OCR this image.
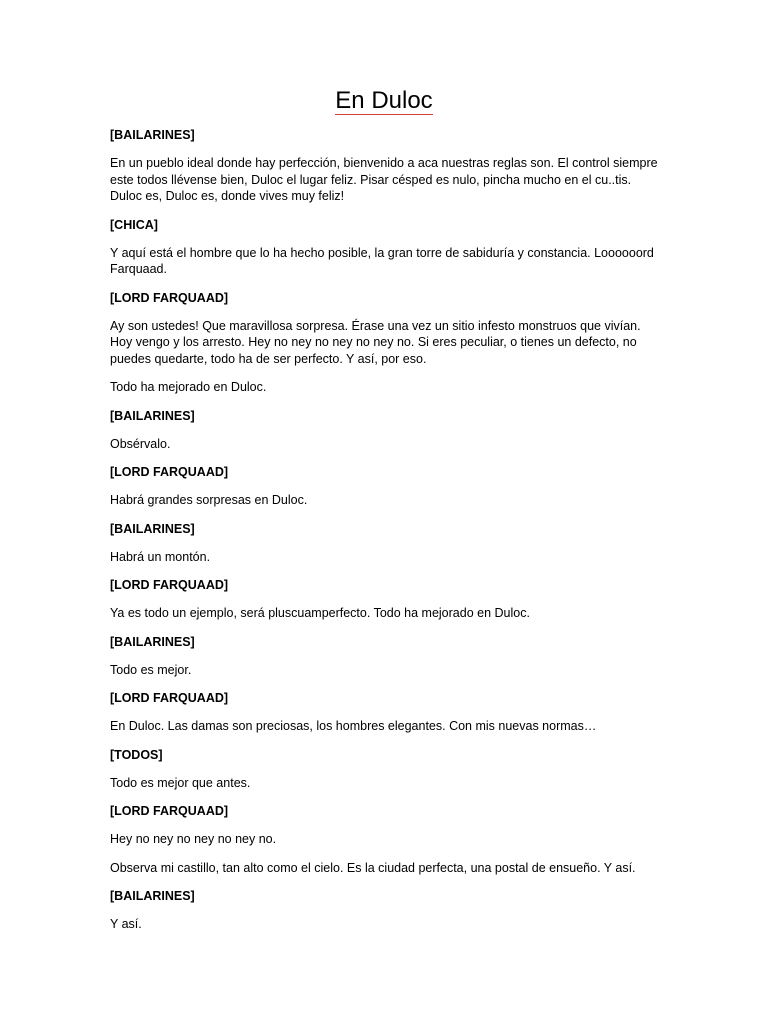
En Duloc
[BAILARINES]
En un pueblo ideal donde hay perfección, bienvenido a aca nuestras reglas son. El control siempre este todos llévense bien, Duloc el lugar feliz. Pisar césped es nulo, pincha mucho en el cu..tis. Duloc es, Duloc es, donde vives muy feliz!
[CHICA]
Y aquí está el hombre que lo ha hecho posible, la gran torre de sabiduría y constancia. Loooooord Farquaad.
[LORD FARQUAAD]
Ay son ustedes! Que maravillosa sorpresa. Érase una vez un sitio infesto monstruos que vivían. Hoy vengo y los arresto. Hey no ney no ney no ney no. Si eres peculiar, o tienes un defecto, no puedes quedarte, todo ha de ser perfecto. Y así, por eso.
Todo ha mejorado en Duloc.
[BAILARINES]
Obsérvalo.
[LORD FARQUAAD]
Habrá grandes sorpresas en Duloc.
[BAILARINES]
Habrá un montón.
[LORD FARQUAAD]
Ya es todo un ejemplo, será pluscuamperfecto. Todo ha mejorado en Duloc.
[BAILARINES]
Todo es mejor.
[LORD FARQUAAD]
En Duloc. Las damas son preciosas, los hombres elegantes. Con mis nuevas normas…
[TODOS]
Todo es mejor que antes.
[LORD FARQUAAD]
Hey no ney no ney no ney no.
Observa mi castillo, tan alto como el cielo. Es la ciudad perfecta, una postal de ensueño. Y así.
[BAILARINES]
Y así.
